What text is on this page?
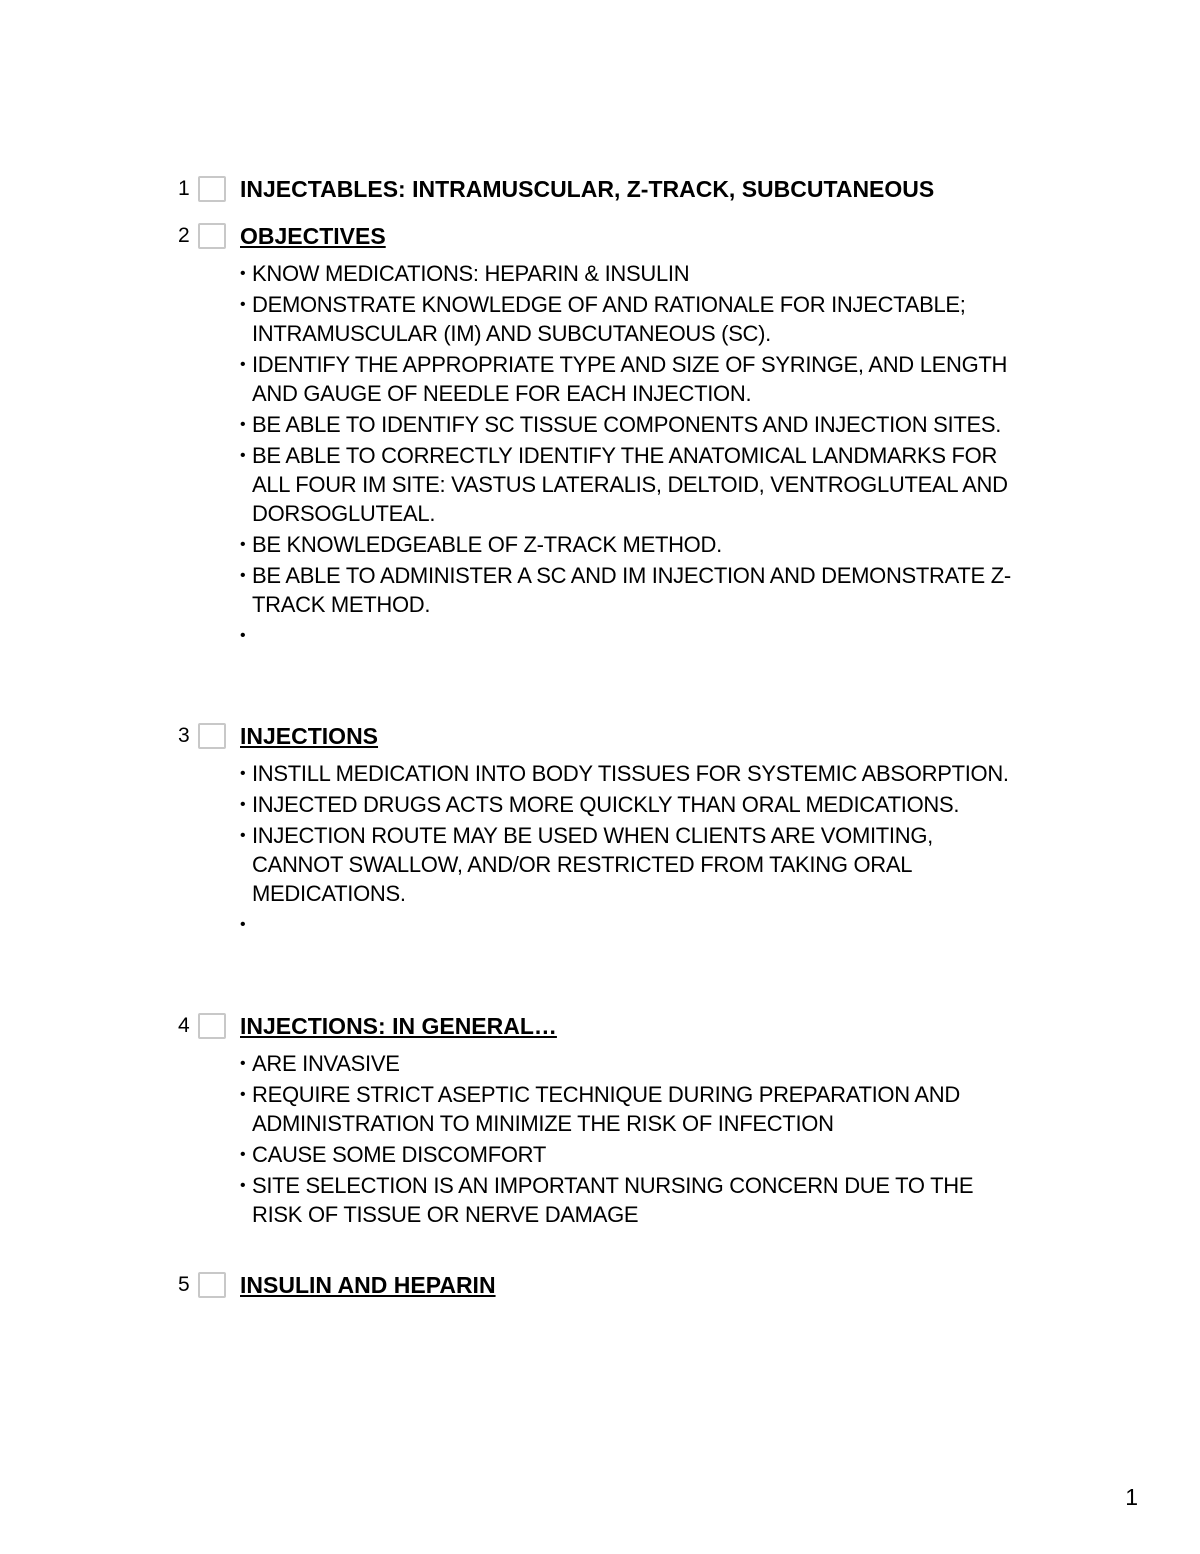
1 INJECTABLES: INTRAMUSCULAR, Z-TRACK, SUBCUTANEOUS
2 OBJECTIVES
• KNOW MEDICATIONS: HEPARIN & INSULIN
• DEMONSTRATE KNOWLEDGE OF AND RATIONALE FOR INJECTABLE; INTRAMUSCULAR (IM) AND SUBCUTANEOUS (SC).
• IDENTIFY THE APPROPRIATE TYPE AND SIZE OF SYRINGE, AND LENGTH AND GAUGE OF NEEDLE FOR EACH INJECTION.
• BE ABLE TO IDENTIFY SC TISSUE COMPONENTS AND INJECTION SITES.
• BE ABLE TO CORRECTLY IDENTIFY THE ANATOMICAL LANDMARKS FOR ALL FOUR IM SITE: VASTUS LATERALIS, DELTOID, VENTROGLUTEAL AND DORSOGLUTEAL.
• BE KNOWLEDGEABLE OF Z-TRACK METHOD.
• BE ABLE TO ADMINISTER A SC AND IM INJECTION AND DEMONSTRATE Z-TRACK METHOD.
•
3 INJECTIONS
• INSTILL MEDICATION INTO BODY TISSUES FOR SYSTEMIC ABSORPTION.
• INJECTED DRUGS ACTS MORE QUICKLY THAN ORAL MEDICATIONS.
• INJECTION ROUTE MAY BE USED WHEN CLIENTS ARE VOMITING, CANNOT SWALLOW, AND/OR RESTRICTED FROM TAKING ORAL MEDICATIONS.
•
4 INJECTIONS: IN GENERAL…
• ARE INVASIVE
• REQUIRE STRICT ASEPTIC TECHNIQUE DURING PREPARATION AND ADMINISTRATION TO MINIMIZE THE RISK OF INFECTION
• CAUSE SOME DISCOMFORT
• SITE SELECTION IS AN IMPORTANT NURSING CONCERN DUE TO THE RISK OF TISSUE OR NERVE DAMAGE
5 INSULIN AND HEPARIN
1
